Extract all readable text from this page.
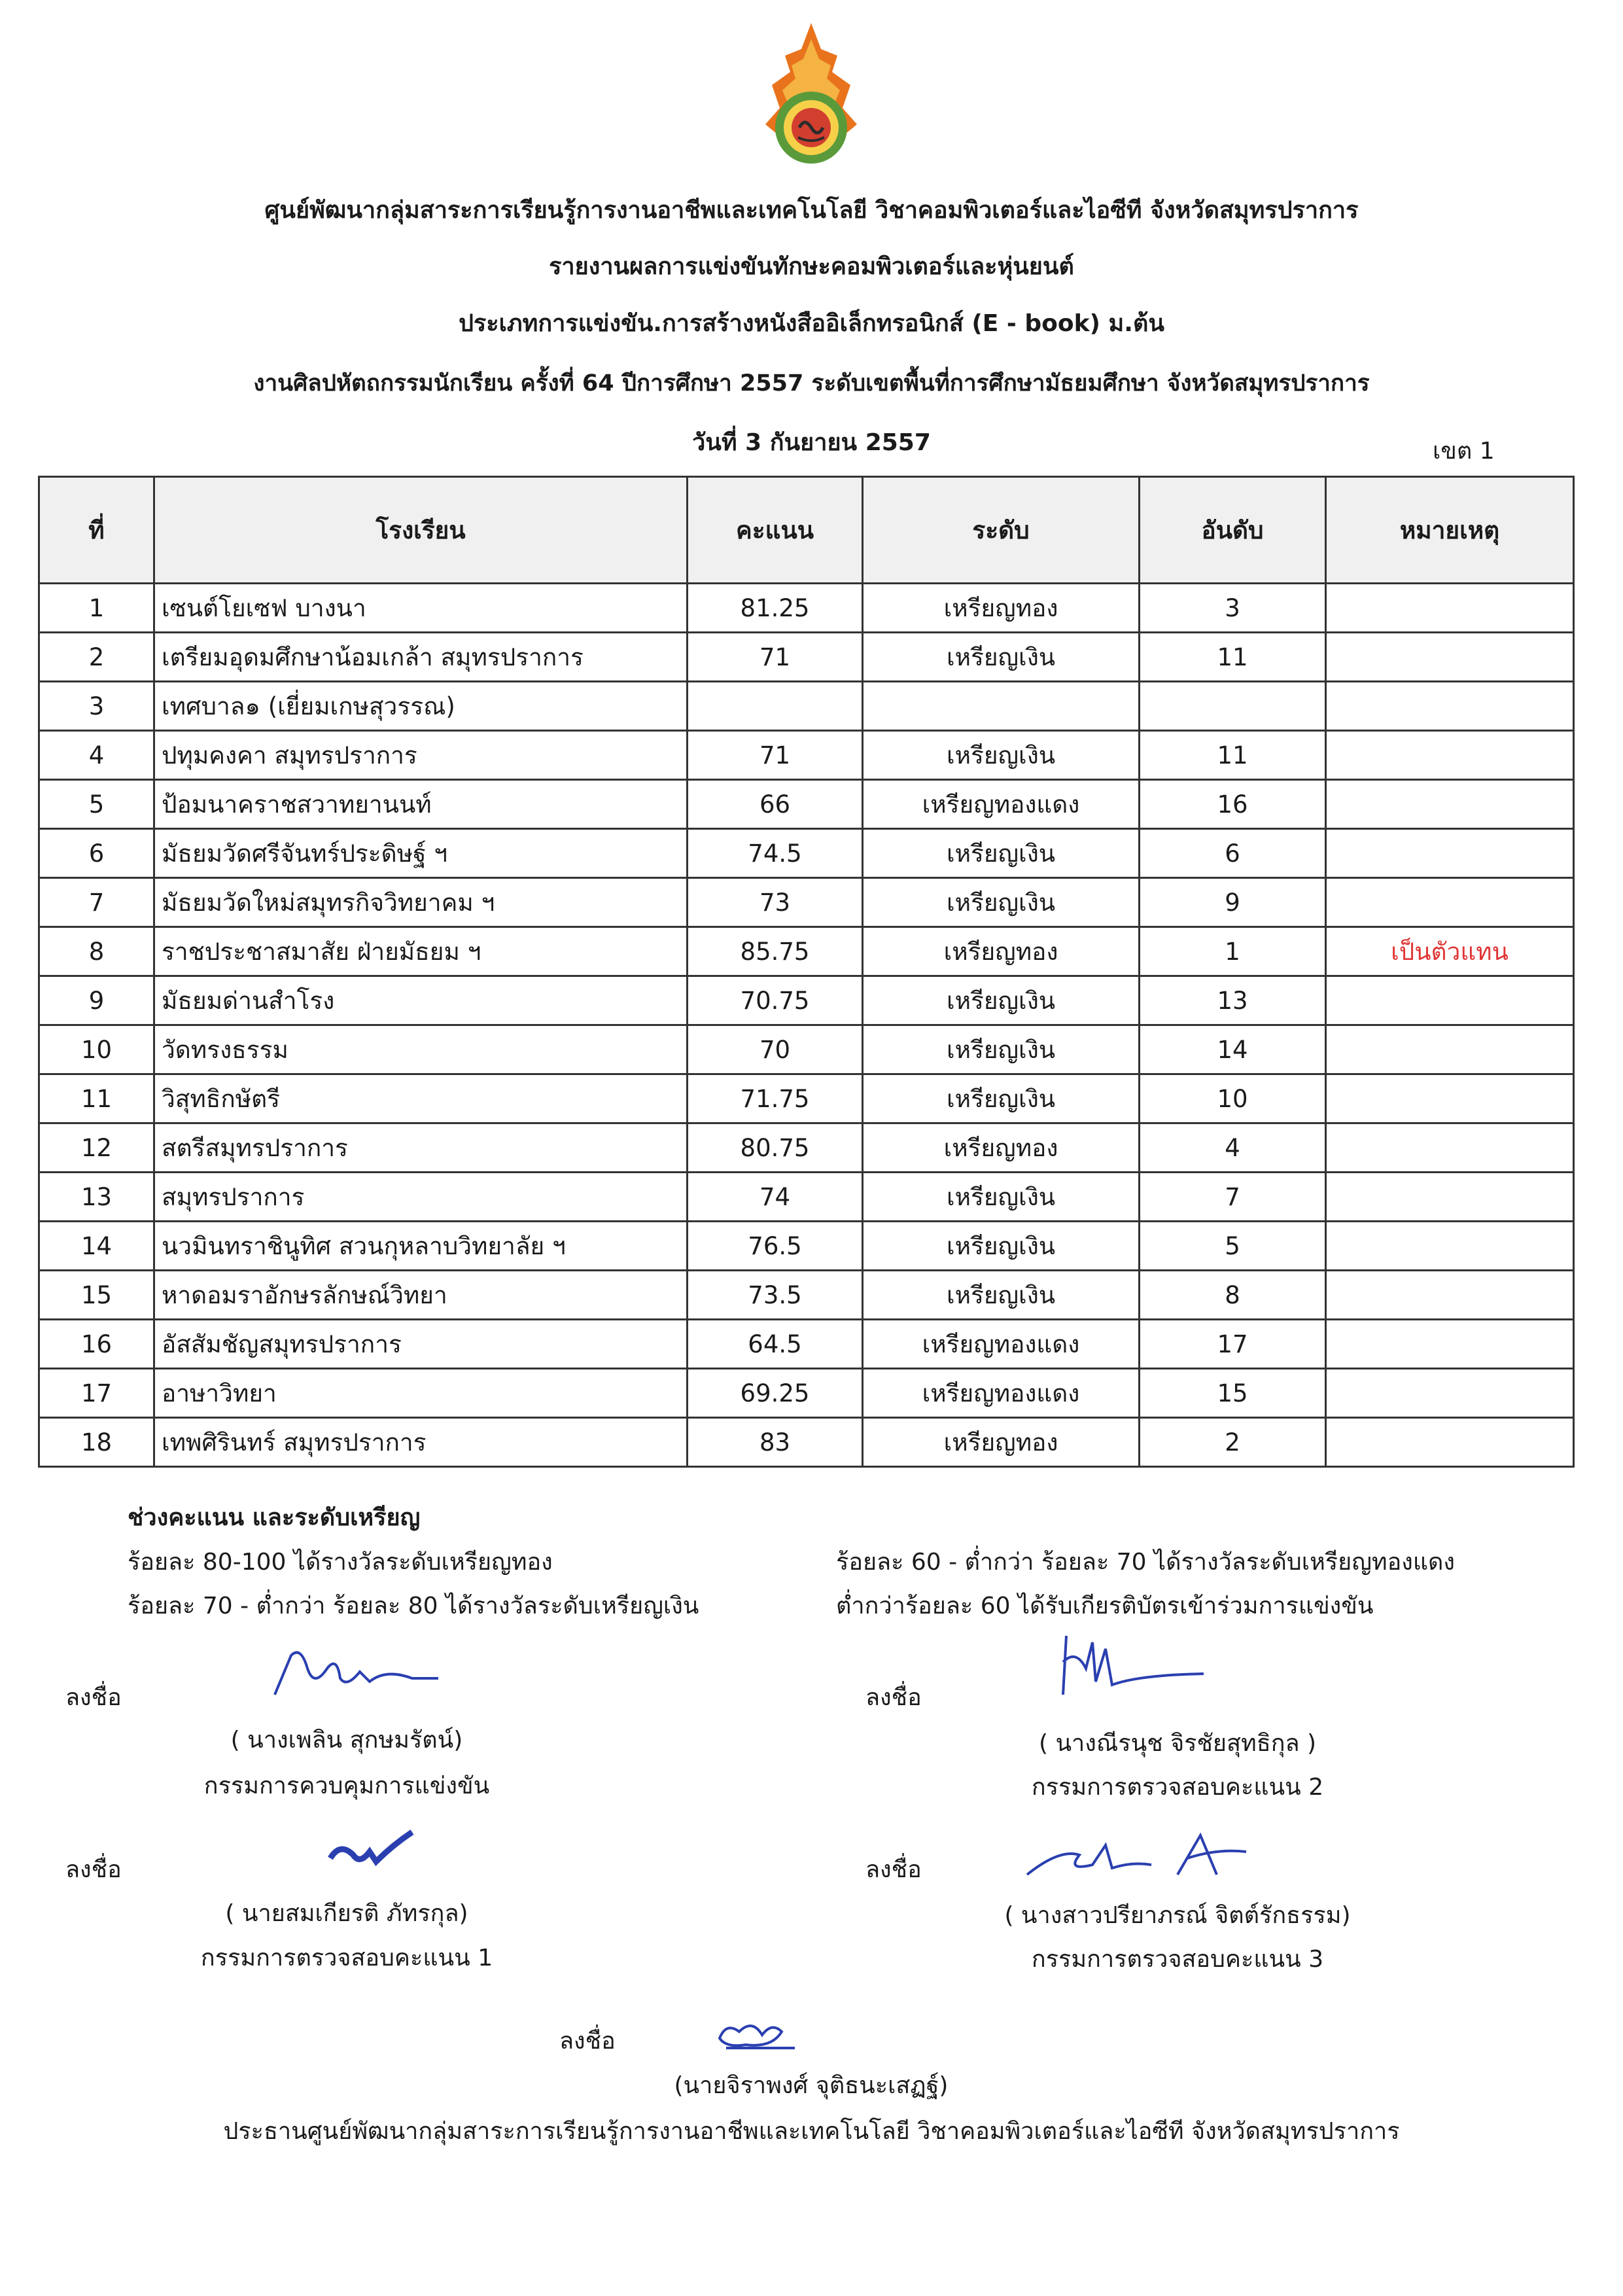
ศูนย์พัฒนากลุ่มสาระการเรียนรู้การงานอาชีพและเทคโนโลยี วิชาคอมพิวเตอร์และไอซีที จังหวัดสมุทรปราการ
รายงานผลการแข่งขันทักษะคอมพิวเตอร์และหุ่นยนต์
ประเภทการแข่งขัน.การสร้างหนังสืออิเล็กทรอนิกส์ (E - book) ม.ต้น
งานศิลปหัตถกรรมนักเรียน ครั้งที่ 64 ปีการศึกษา 2557 ระดับเขตพื้นที่การศึกษามัธยมศึกษา จังหวัดสมุทรปราการ
วันที่ 3 กันยายน 2557	เขต 1
ที่	โรงเรียน	คะแนน	ระดับ	อันดับ	หมายเหตุ
1	เซนต์โยเซฟ บางนา	81.25	เหรียญทอง	3	
2	เตรียมอุดมศึกษาน้อมเกล้า สมุทรปราการ	71	เหรียญเงิน	11	
3	เทศบาล๑ (เยี่ยมเกษสุวรรณ)				
4	ปทุมคงคา สมุทรปราการ	71	เหรียญเงิน	11	
5	ป้อมนาคราชสวาทยานนท์	66	เหรียญทองแดง	16	
6	มัธยมวัดศรีจันทร์ประดิษฐ์ ฯ	74.5	เหรียญเงิน	6	
7	มัธยมวัดใหม่สมุทรกิจวิทยาคม ฯ	73	เหรียญเงิน	9	
8	ราชประชาสมาสัย ฝ่ายมัธยม ฯ	85.75	เหรียญทอง	1	เป็นตัวแทน
9	มัธยมด่านสำโรง	70.75	เหรียญเงิน	13	
10	วัดทรงธรรม	70	เหรียญเงิน	14	
11	วิสุทธิกษัตรี	71.75	เหรียญเงิน	10	
12	สตรีสมุทรปราการ	80.75	เหรียญทอง	4	
13	สมุทรปราการ	74	เหรียญเงิน	7	
14	นวมินทราชินูทิศ สวนกุหลาบวิทยาลัย ฯ	76.5	เหรียญเงิน	5	
15	หาดอมราอักษรลักษณ์วิทยา	73.5	เหรียญเงิน	8	
16	อัสสัมชัญสมุทรปราการ	64.5	เหรียญทองแดง	17	
17	อาษาวิทยา	69.25	เหรียญทองแดง	15	
18	เทพศิรินทร์ สมุทรปราการ	83	เหรียญทอง	2	
ช่วงคะแนน และระดับเหรียญ
ร้อยละ 80-100 ได้รางวัลระดับเหรียญทอง
ร้อยละ 70 - ต่ำกว่า ร้อยละ 80 ได้รางวัลระดับเหรียญเงิน
ร้อยละ 60 - ต่ำกว่า ร้อยละ 70 ได้รางวัลระดับเหรียญทองแดง
ต่ำกว่าร้อยละ 60 ได้รับเกียรติบัตรเข้าร่วมการแข่งขัน
ลงชื่อ
( นางเพลิน สุกษมรัตน์)
กรรมการควบคุมการแข่งขัน
ลงชื่อ
( นางณีรนุช จิรชัยสุทธิกุล )
กรรมการตรวจสอบคะแนน 2
ลงชื่อ
( นายสมเกียรติ ภัทรกุล)
กรรมการตรวจสอบคะแนน 1
ลงชื่อ
( นางสาวปรียาภรณ์ จิตต์รักธรรม)
กรรมการตรวจสอบคะแนน 3
ลงชื่อ
(นายจิราพงศ์ จุติธนะเสฏฐ์)
ประธานศูนย์พัฒนากลุ่มสาระการเรียนรู้การงานอาชีพและเทคโนโลยี วิชาคอมพิวเตอร์และไอซีที จังหวัดสมุทรปราการ
